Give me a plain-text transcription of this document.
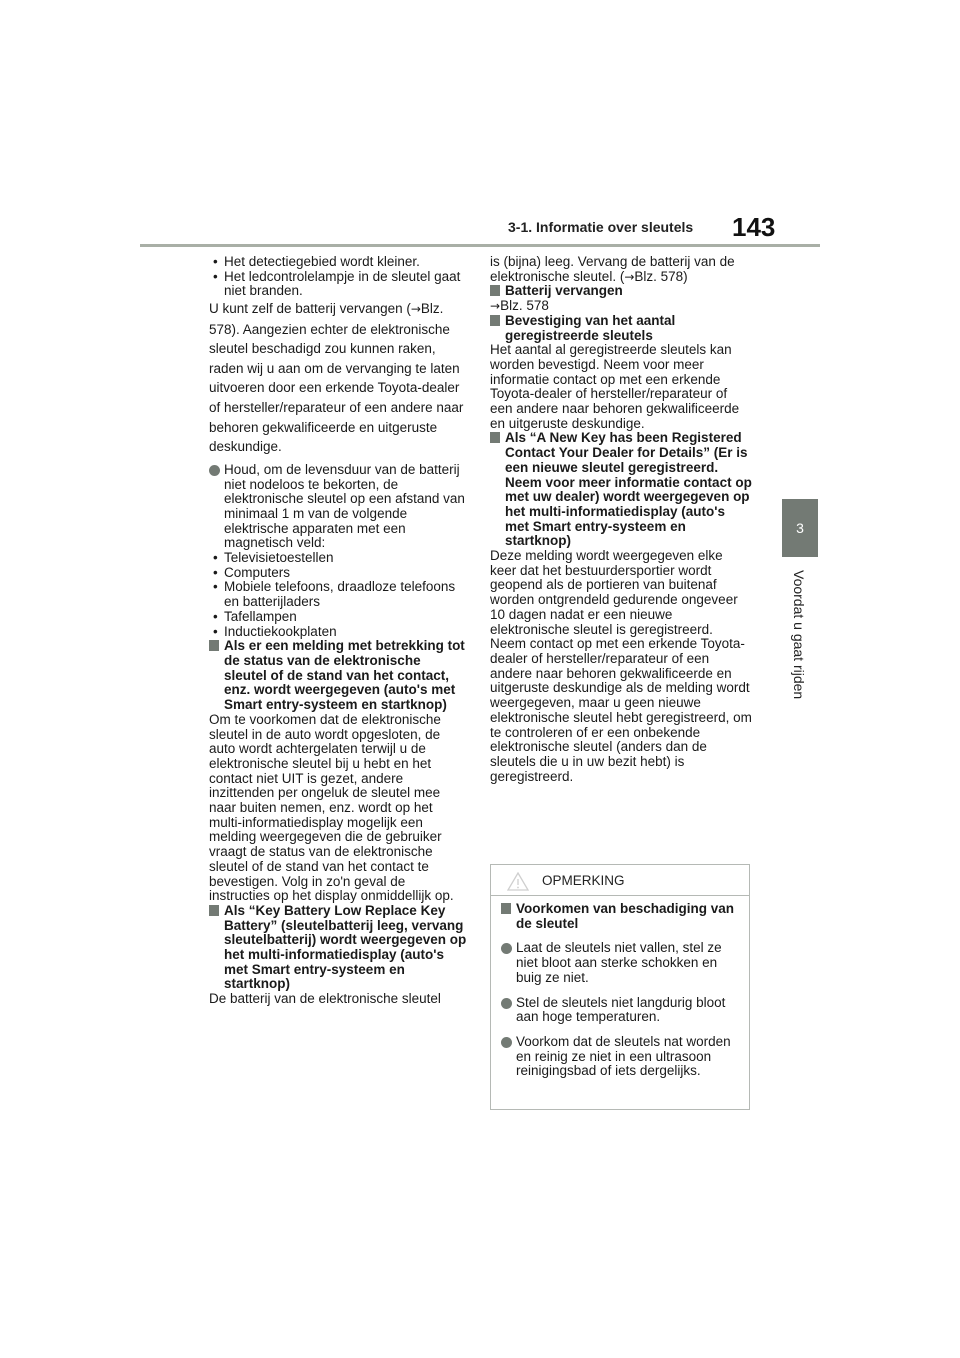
3-1. Informatie over sleutels 143
3
Voordat u gaat rijden
• Het detectiegebied wordt kleiner.
• Het ledcontrolelampje in de sleutel gaat niet branden.
U kunt zelf de batterij vervangen (→Blz. 578). Aangezien echter de elektronische sleutel beschadigd zou kunnen raken, raden wij u aan om de vervanging te laten uitvoeren door een erkende Toyota-dealer of hersteller/reparateur of een andere naar behoren gekwalificeerde en uitgeruste deskundige.
Houd, om de levensduur van de batterij niet nodeloos te bekorten, de elektronische sleutel op een afstand van minimaal 1 m van de volgende elektrische apparaten met een magnetisch veld:
• Televisietoestellen
• Computers
• Mobiele telefoons, draadloze telefoons en batterijladers
• Tafellampen
• Inductiekookplaten
Als er een melding met betrekking tot de status van de elektronische sleutel of de stand van het contact, enz. wordt weergegeven (auto's met Smart entry-systeem en startknop)
Om te voorkomen dat de elektronische sleutel in de auto wordt opgesloten, de auto wordt achtergelaten terwijl u de elektronische sleutel bij u hebt en het contact niet UIT is gezet, andere inzittenden per ongeluk de sleutel mee naar buiten nemen, enz. wordt op het multi-informatiedisplay mogelijk een melding weergegeven die de gebruiker vraagt de status van de elektronische sleutel of de stand van het contact te bevestigen. Volg in zo'n geval de instructies op het display onmiddellijk op.
Als “Key Battery Low Replace Key Battery” (sleutelbatterij leeg, vervang sleutelbatterij) wordt weergegeven op het multi-informatiedisplay (auto's met Smart entry-systeem en startknop)
De batterij van de elektronische sleutel
is (bijna) leeg. Vervang de batterij van de elektronische sleutel. (→Blz. 578)
Batterij vervangen
→Blz. 578
Bevestiging van het aantal geregistreerde sleutels
Het aantal al geregistreerde sleutels kan worden bevestigd. Neem voor meer informatie contact op met een erkende Toyota-dealer of hersteller/reparateur of een andere naar behoren gekwalificeerde en uitgeruste deskundige.
Als “A New Key has been Registered Contact Your Dealer for Details” (Er is een nieuwe sleutel geregistreerd. Neem voor meer informatie contact op met uw dealer) wordt weergegeven op het multi-informatiedisplay (auto's met Smart entry-systeem en startknop)
Deze melding wordt weergegeven elke keer dat het bestuurdersportier wordt geopend als de portieren van buitenaf worden ontgrendeld gedurende ongeveer 10 dagen nadat er een nieuwe elektronische sleutel is geregistreerd. Neem contact op met een erkende Toyota-dealer of hersteller/reparateur of een andere naar behoren gekwalificeerde en uitgeruste deskundige als de melding wordt weergegeven, maar u geen nieuwe elektronische sleutel hebt geregistreerd, om te controleren of er een onbekende elektronische sleutel (anders dan de sleutels die u in uw bezit hebt) is geregistreerd.
OPMERKING
Voorkomen van beschadiging van de sleutel
Laat de sleutels niet vallen, stel ze niet bloot aan sterke schokken en buig ze niet.
Stel de sleutels niet langdurig bloot aan hoge temperaturen.
Voorkom dat de sleutels nat worden en reinig ze niet in een ultrasoon reinigingsbad of iets dergelijks.
